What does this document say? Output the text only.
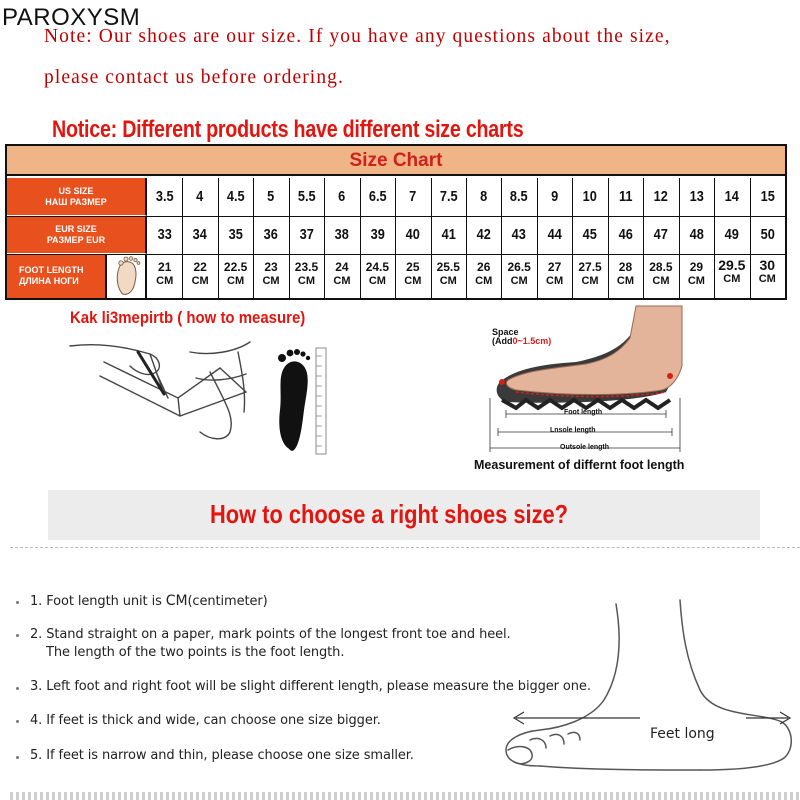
PAROXYSM
Note: Our shoes are our size. If you have any questions about the size,
please contact us before ordering.
Notice: Different products have different size charts
Size Chart
US SIZE
НАШ РАЗМЕР
EUR SIZE
РАЗМЕР EUR
FOOT LENGTH
ДЛИНА НОГИ
3.5
33
21
CM
4
34
22
CM
4.5
35
22.5
CM
5
36
23
CM
5.5
37
23.5
CM
6
38
24
CM
6.5
39
24.5
CM
7
40
25
CM
7.5
41
25.5
CM
8
42
26
CM
8.5
43
26.5
CM
9
44
27
CM
10
45
27.5
CM
11
46
28
CM
12
47
28.5
CM
13
48
29
CM
14
49
29.5
CM
15
50
30
CM
Kak li3mepirtb ( how to measure)
Space
(Add0~1.5cm)
Foot length
Lnsole length
Outsole length
Measurement of differnt foot length
How to choose a right shoes size?
1. Foot length unit is CM(centimeter)
2. Stand straight on a paper, mark points of the longest front toe and heel.
The length of the two points is the foot length.
3. Left foot and right foot will be slight different length, please measure the bigger one.
4. If feet is thick and wide, can choose one size bigger.
5. If feet is narrow and thin, please choose one size smaller.
Feet long
